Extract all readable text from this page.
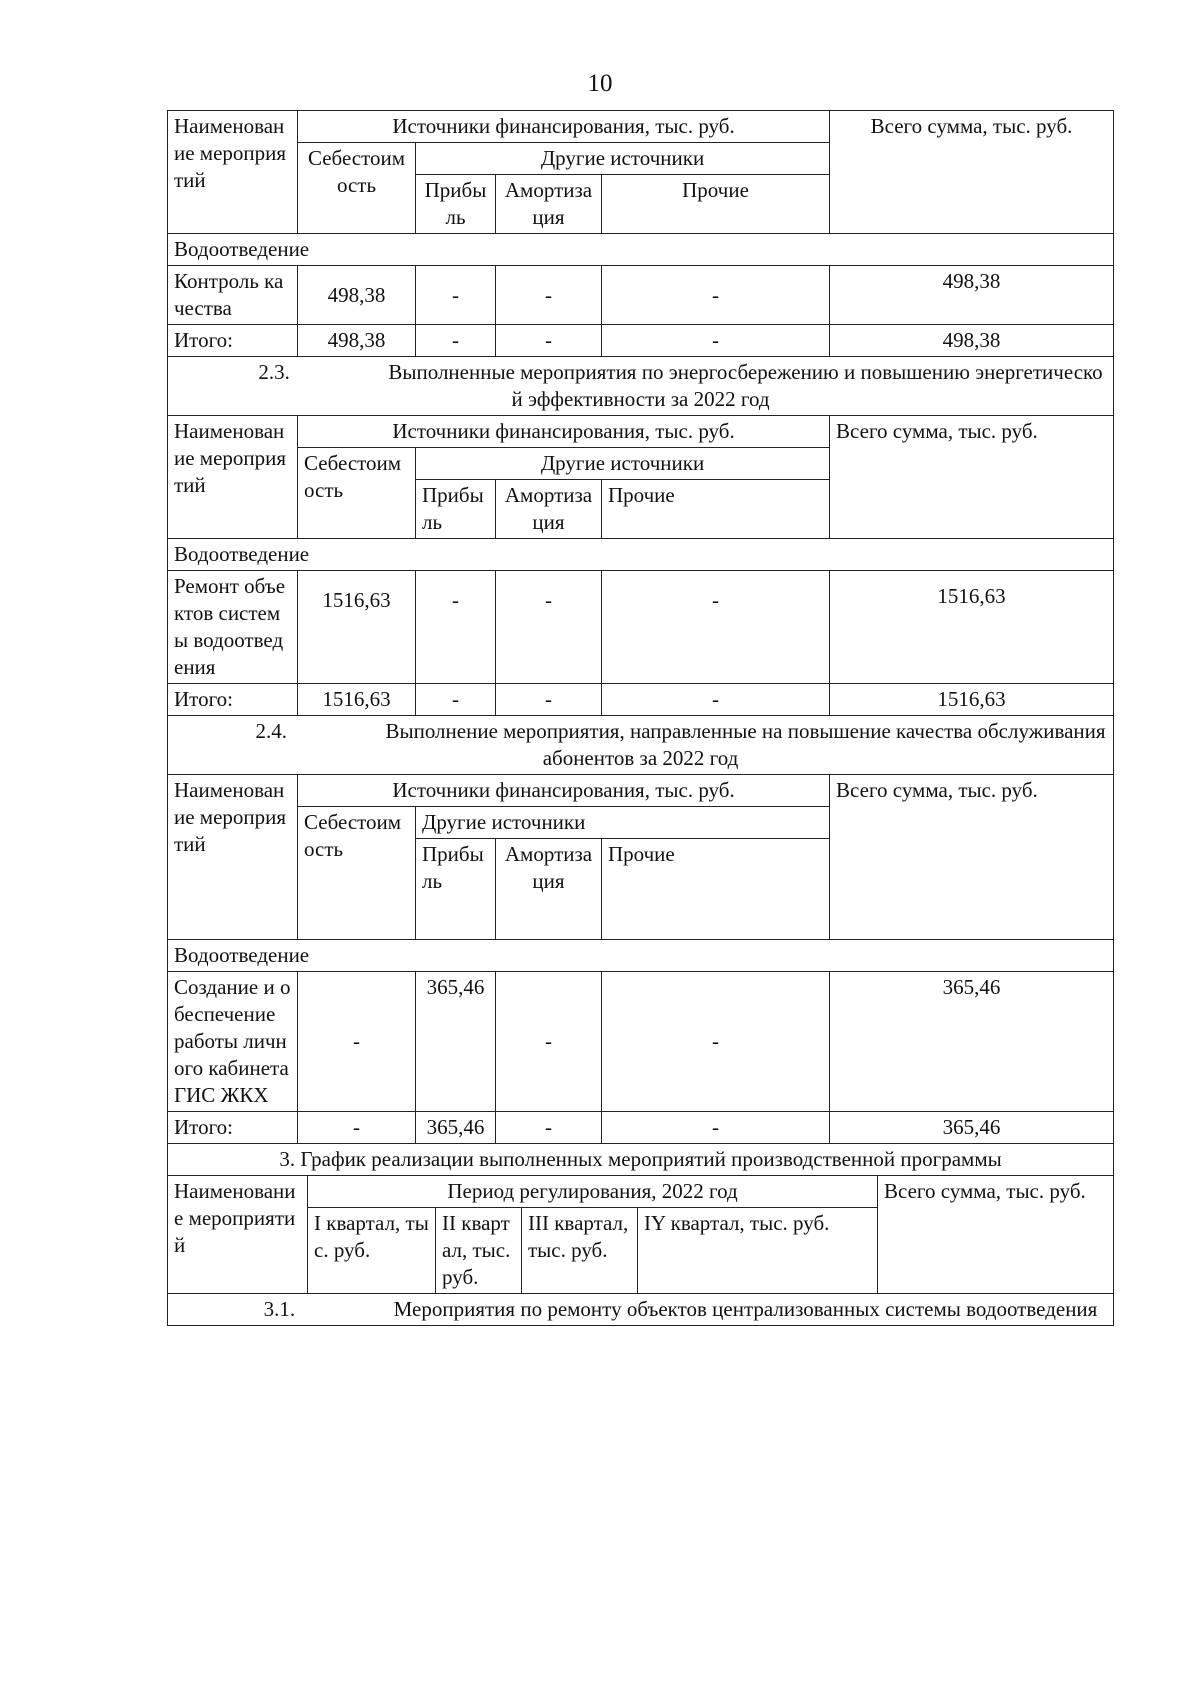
10
Наименование мероприятий	Источники финансирования, тыс. руб.				Всего сумма, тыс. руб.
	Себестоимость	Другие источники			
		Прибыль	Амортизация	Прочие	
Водоотведение					
Контроль качества	498,38	-	-	-	498,38
Итого:	498,38	-	-	-	498,38
2.3. Выполненные мероприятия по энергосбережению и повышению энергетической эффективности за 2022 год					
Наименование мероприятий	Источники финансирования, тыс. руб.				Всего сумма, тыс. руб.
	Себестоимость	Другие источники			
		Прибыль	Амортизация	Прочие	
Водоотведение					
Ремонт объектов системы водоотведения	1516,63	-	-	-	1516,63
Итого:	1516,63	-	-	-	1516,63
2.4. Выполнение мероприятия, направленные на повышение качества обслуживания абонентов за 2022 год					
Наименование мероприятий	Источники финансирования, тыс. руб.				Всего сумма, тыс. руб.
	Себестоимость	Другие источники			
		Прибыль	Амортизация	Прочие	
Водоотведение					
Создание и обеспечение работы личного кабинета ГИС ЖКХ	-	365,46	-	-	365,46
Итого:	-	365,46	-	-	365,46
3. График реализации выполненных мероприятий производственной программы					
Наименование мероприятий	Период регулирования, 2022 год				Всего сумма, тыс. руб.
	I квартал, тыс. руб.	II квартал, тыс. руб.	III квартал, тыс. руб.	IY квартал, тыс. руб.	
3.1. Мероприятия по ремонту объектов централизованных системы водоотведения					
